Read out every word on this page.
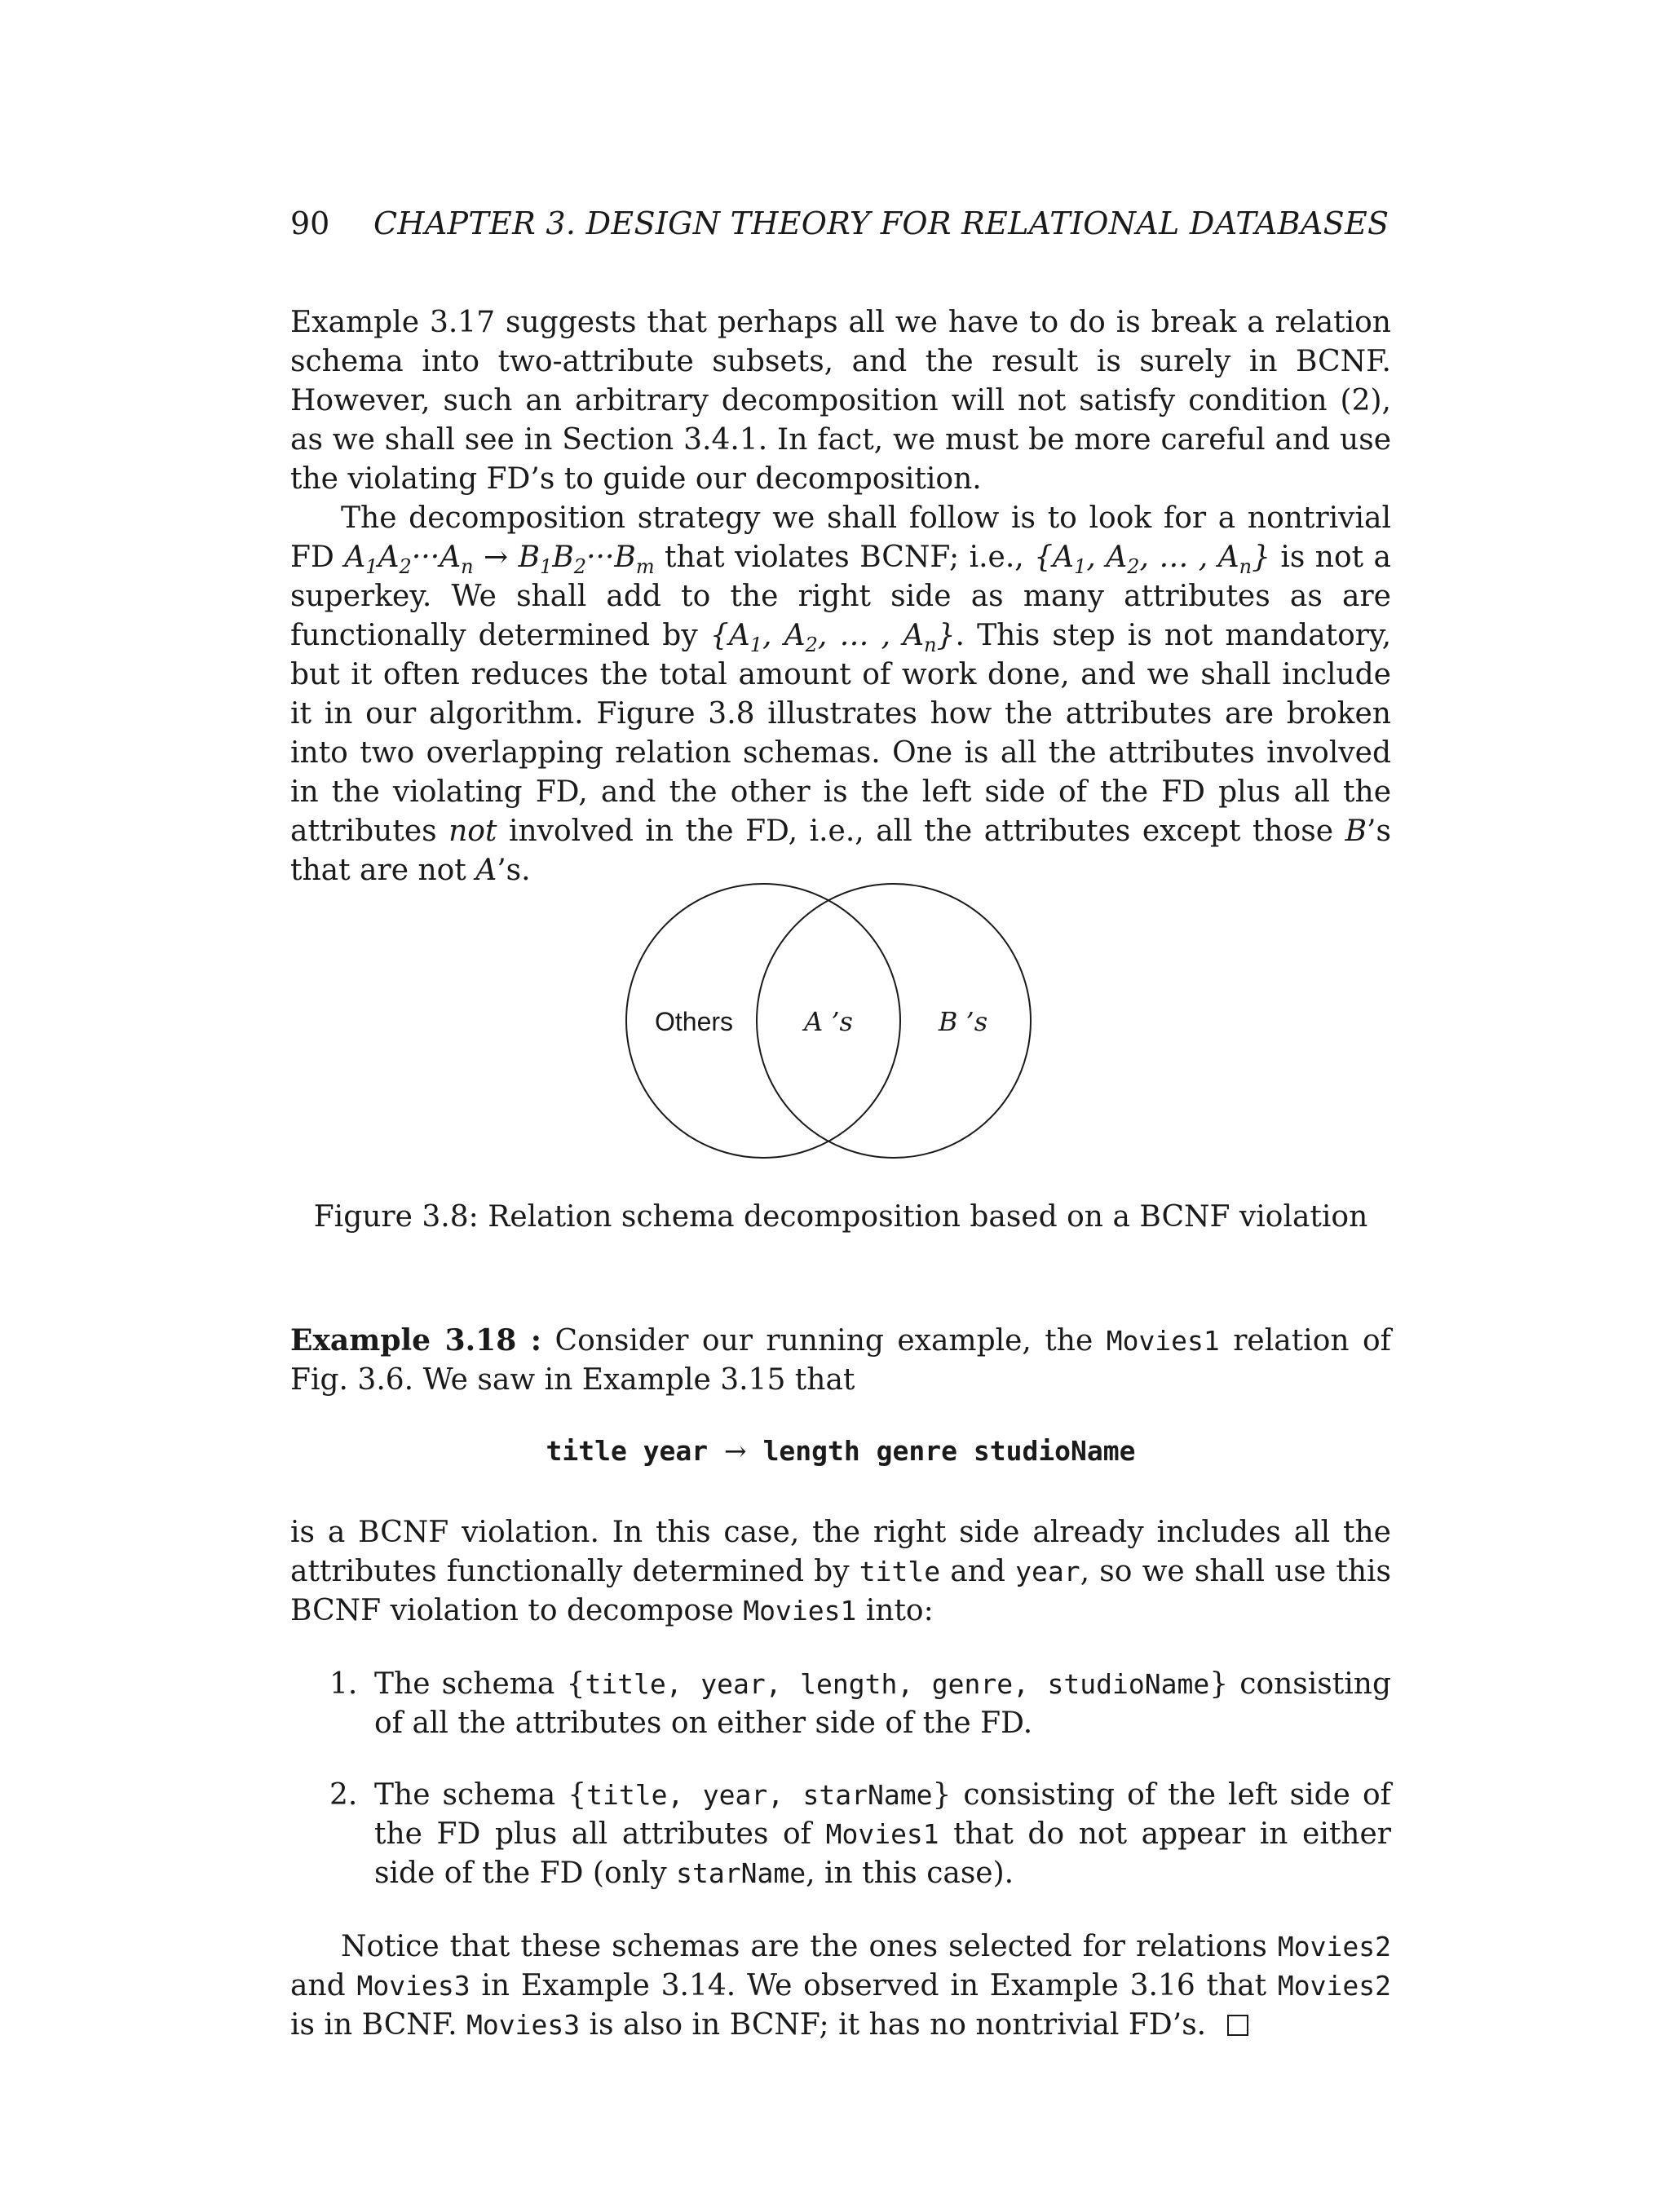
90 CHAPTER 3. DESIGN THEORY FOR RELATIONAL DATABASES
Example 3.17 suggests that perhaps all we have to do is break a relation schema into two-attribute subsets, and the result is surely in BCNF. However, such an arbitrary decomposition will not satisfy condition (2), as we shall see in Section 3.4.1. In fact, we must be more careful and use the violating FD’s to guide our decomposition.
The decomposition strategy we shall follow is to look for a nontrivial FD $A_1A_2\cdot\cdot\cdot A_n \to B_1B_2\cdot\cdot\cdot B_m$ that violates BCNF; i.e., {$A_1$, $A_2$, … , $A_n$} is not a superkey. We shall add to the right side as many attributes as are functionally determined by {$A_1$, $A_2$, … , $A_n$}. This step is not mandatory, but it often reduces the total amount of work done, and we shall include it in our algorithm. Figure 3.8 illustrates how the attributes are broken into two overlapping relation schemas. One is all the attributes involved in the violating FD, and the other is the left side of the FD plus all the attributes not involved in the FD, i.e., all the attributes except those B’s that are not A’s.
Others	A ’s	B ’s
Figure 3.8: Relation schema decomposition based on a BCNF violation
Example 3.18 : Consider our running example, the Movies1 relation of Fig. 3.6. We saw in Example 3.15 that
title year → length genre studioName
is a BCNF violation. In this case, the right side already includes all the attributes functionally determined by title and year, so we shall use this BCNF violation to decompose Movies1 into:
1. The schema {title, year, length, genre, studioName} consisting of all the attributes on either side of the FD.
2. The schema {title, year, starName} consisting of the left side of the FD plus all attributes of Movies1 that do not appear in either side of the FD (only starName, in this case).
Notice that these schemas are the ones selected for relations Movies2 and Movies3 in Example 3.14. We observed in Example 3.16 that Movies2 is in BCNF. Movies3 is also in BCNF; it has no nontrivial FD’s.
